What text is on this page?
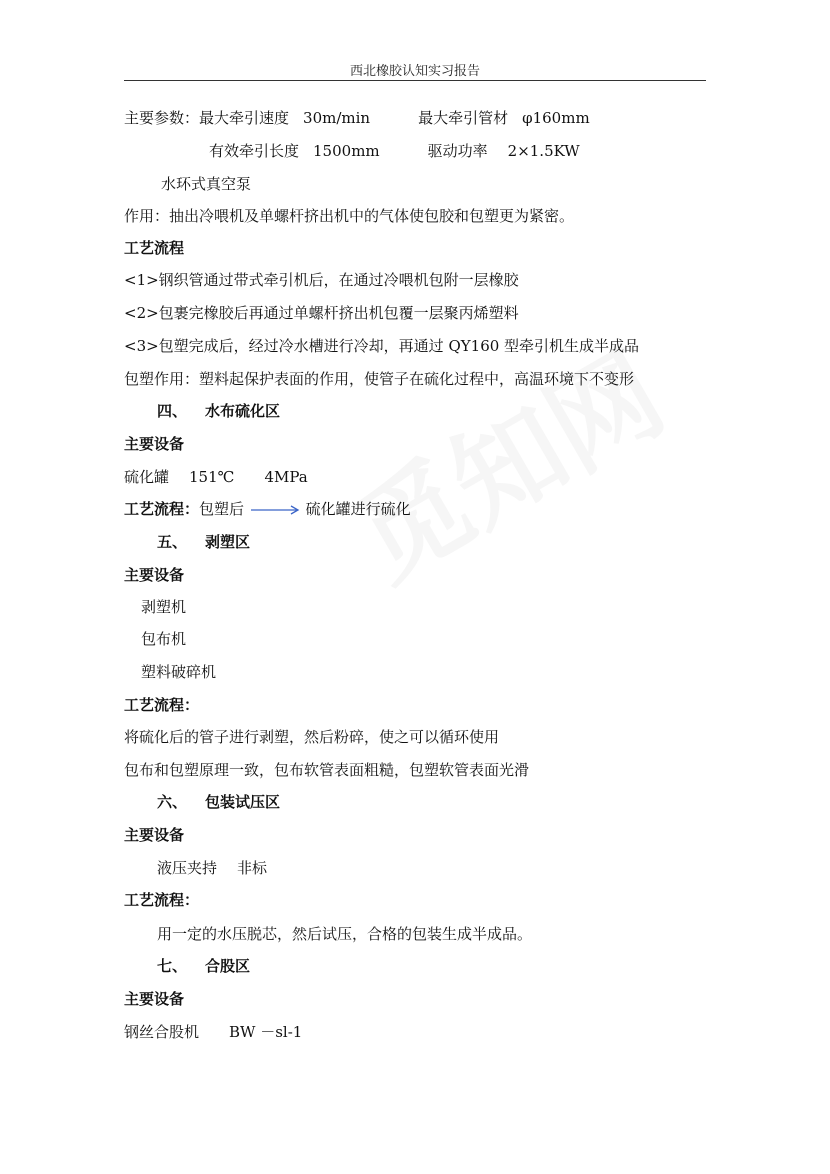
西北橡胶认知实习报告
主要参数：最大牵引速度 30m/min	最大牵引管材 φ160mm
有效牵引长度 1500mm	驱动功率 2×1.5KW
水环式真空泵
作用：抽出冷喂机及单螺杆挤出机中的气体使包胶和包塑更为紧密。
工艺流程
<1>钢织管通过带式牵引机后，在通过冷喂机包附一层橡胶
<2>包裹完橡胶后再通过单螺杆挤出机包覆一层聚丙烯塑料
<3>包塑完成后，经过冷水槽进行冷却，再通过 QY160 型牵引机生成半成品
包塑作用：塑料起保护表面的作用，使管子在硫化过程中，高温环境下不变形
四、 水布硫化区
主要设备
硫化罐 151℃ 4MPa
工艺流程：包塑后	硫化罐进行硫化
五、 剥塑区
主要设备
剥塑机
包布机
塑料破碎机
工艺流程：
将硫化后的管子进行剥塑，然后粉碎，使之可以循环使用
包布和包塑原理一致，包布软管表面粗糙，包塑软管表面光滑
六、 包装试压区
主要设备
液压夹持 非标
工艺流程：
用一定的水压脱芯，然后试压，合格的包装生成半成品。
七、 合股区
主要设备
钢丝合股机 BW －sl-1
